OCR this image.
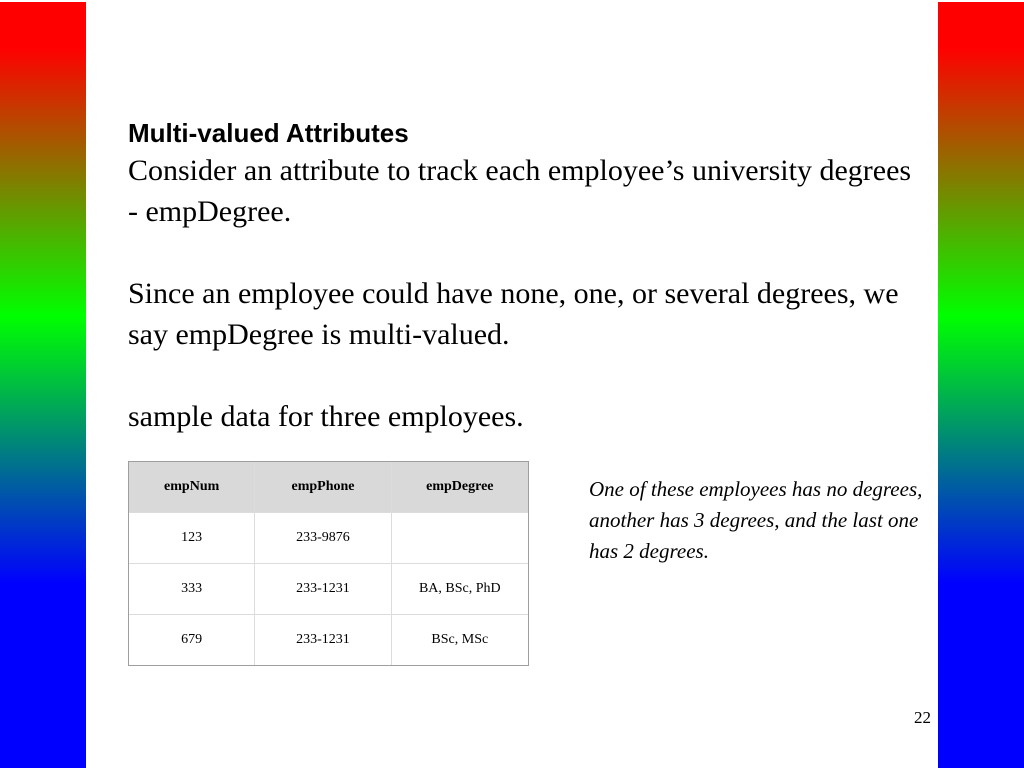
Multi-valued Attributes

Consider an attribute to track each employee’s university degrees - empDegree.

Since an employee could have none, one, or several degrees, we say empDegree is multi-valued.

sample data for three employees.

empNum	empPhone	empDegree
123	233-9876	
333	233-1231	BA, BSc, PhD
679	233-1231	BSc, MSc
One of these employees has no degrees, another has 3 degrees, and the last one has 2 degrees.
22
